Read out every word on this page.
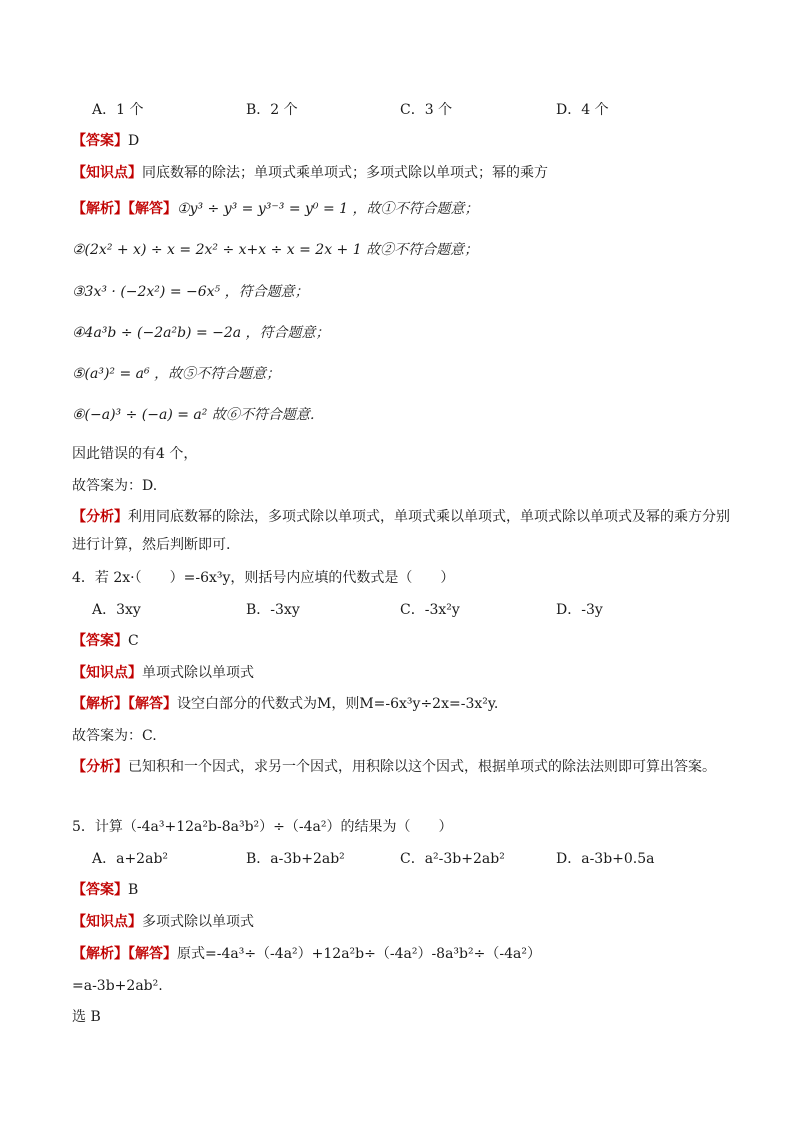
A．1 个	B．2 个	C．3 个	D．4 个
【答案】D
【知识点】同底数幂的除法；单项式乘单项式；多项式除以单项式；幂的乘方
【解析】【解答】①y³ ÷ y³ = y³⁻³ = y⁰ = 1 ，故①不符合题意；
②(2x² + x) ÷ x = 2x² ÷ x+x ÷ x = 2x + 1 故②不符合题意；
③3x³ · (−2x²) = −6x⁵ ，符合题意；
④4a³b ÷ (−2a²b) = −2a ，符合题意；
⑤(a³)² = a⁶ ，故⑤不符合题意；
⑥(−a)³ ÷ (−a) = a² 故⑥不符合题意．
因此错误的有4 个，
故答案为：D.
【分析】利用同底数幂的除法，多项式除以单项式，单项式乘以单项式，单项式除以单项式及幂的乘方分别进行计算，然后判断即可.
4．若 2x·（　　）=-6x³y，则括号内应填的代数式是（　　）
A．3xy	B．-3xy	C．-3x²y	D．-3y
【答案】C
【知识点】单项式除以单项式
【解析】【解答】设空白部分的代数式为M，则M=-6x³y÷2x=-3x²y.
故答案为：C.
【分析】已知积和一个因式，求另一个因式，用积除以这个因式，根据单项式的除法法则即可算出答案。
5．计算（-4a³+12a²b-8a³b²）÷（-4a²）的结果为（　　）
A．a+2ab²	B．a-3b+2ab²	C．a²-3b+2ab²	D．a-3b+0.5a
【答案】B
【知识点】多项式除以单项式
【解析】【解答】原式=-4a³÷（-4a²）+12a²b÷（-4a²）-8a³b²÷（-4a²）
=a-3b+2ab².
选 B
